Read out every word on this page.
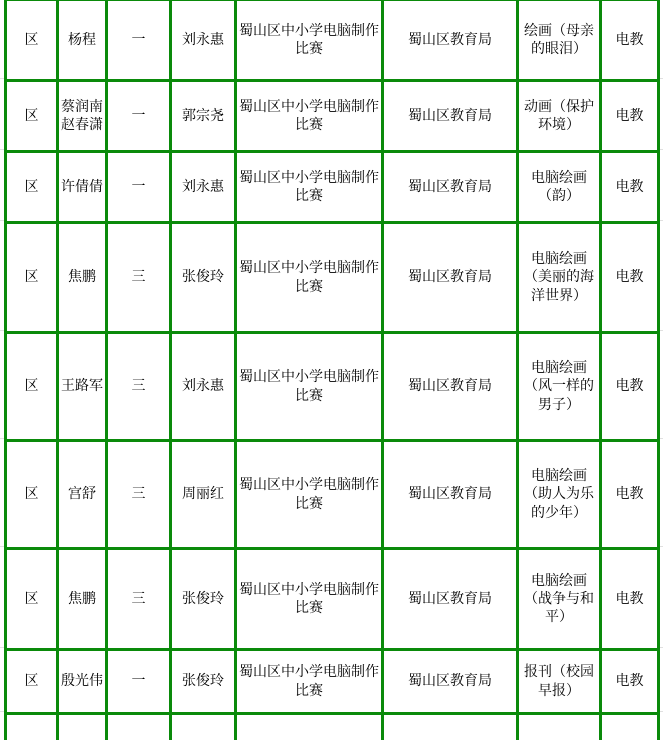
区	杨程	一	刘永惠	蜀山区中小学电脑制作比赛	蜀山区教育局	绘画（母亲的眼泪）	电教
区	蔡润南赵春潇	一	郭宗尧	蜀山区中小学电脑制作比赛	蜀山区教育局	动画（保护环境）	电教
区	许倩倩	一	刘永惠	蜀山区中小学电脑制作比赛	蜀山区教育局	电脑绘画（韵）	电教
区	焦鹏	三	张俊玲	蜀山区中小学电脑制作比赛	蜀山区教育局	电脑绘画（美丽的海洋世界）	电教
区	王路军	三	刘永惠	蜀山区中小学电脑制作比赛	蜀山区教育局	电脑绘画（风一样的男子）	电教
区	宫舒	三	周丽红	蜀山区中小学电脑制作比赛	蜀山区教育局	电脑绘画（助人为乐的少年）	电教
区	焦鹏	三	张俊玲	蜀山区中小学电脑制作比赛	蜀山区教育局	电脑绘画（战争与和平）	电教
区	殷光伟	一	张俊玲	蜀山区中小学电脑制作比赛	蜀山区教育局	报刊（校园早报）	电教
